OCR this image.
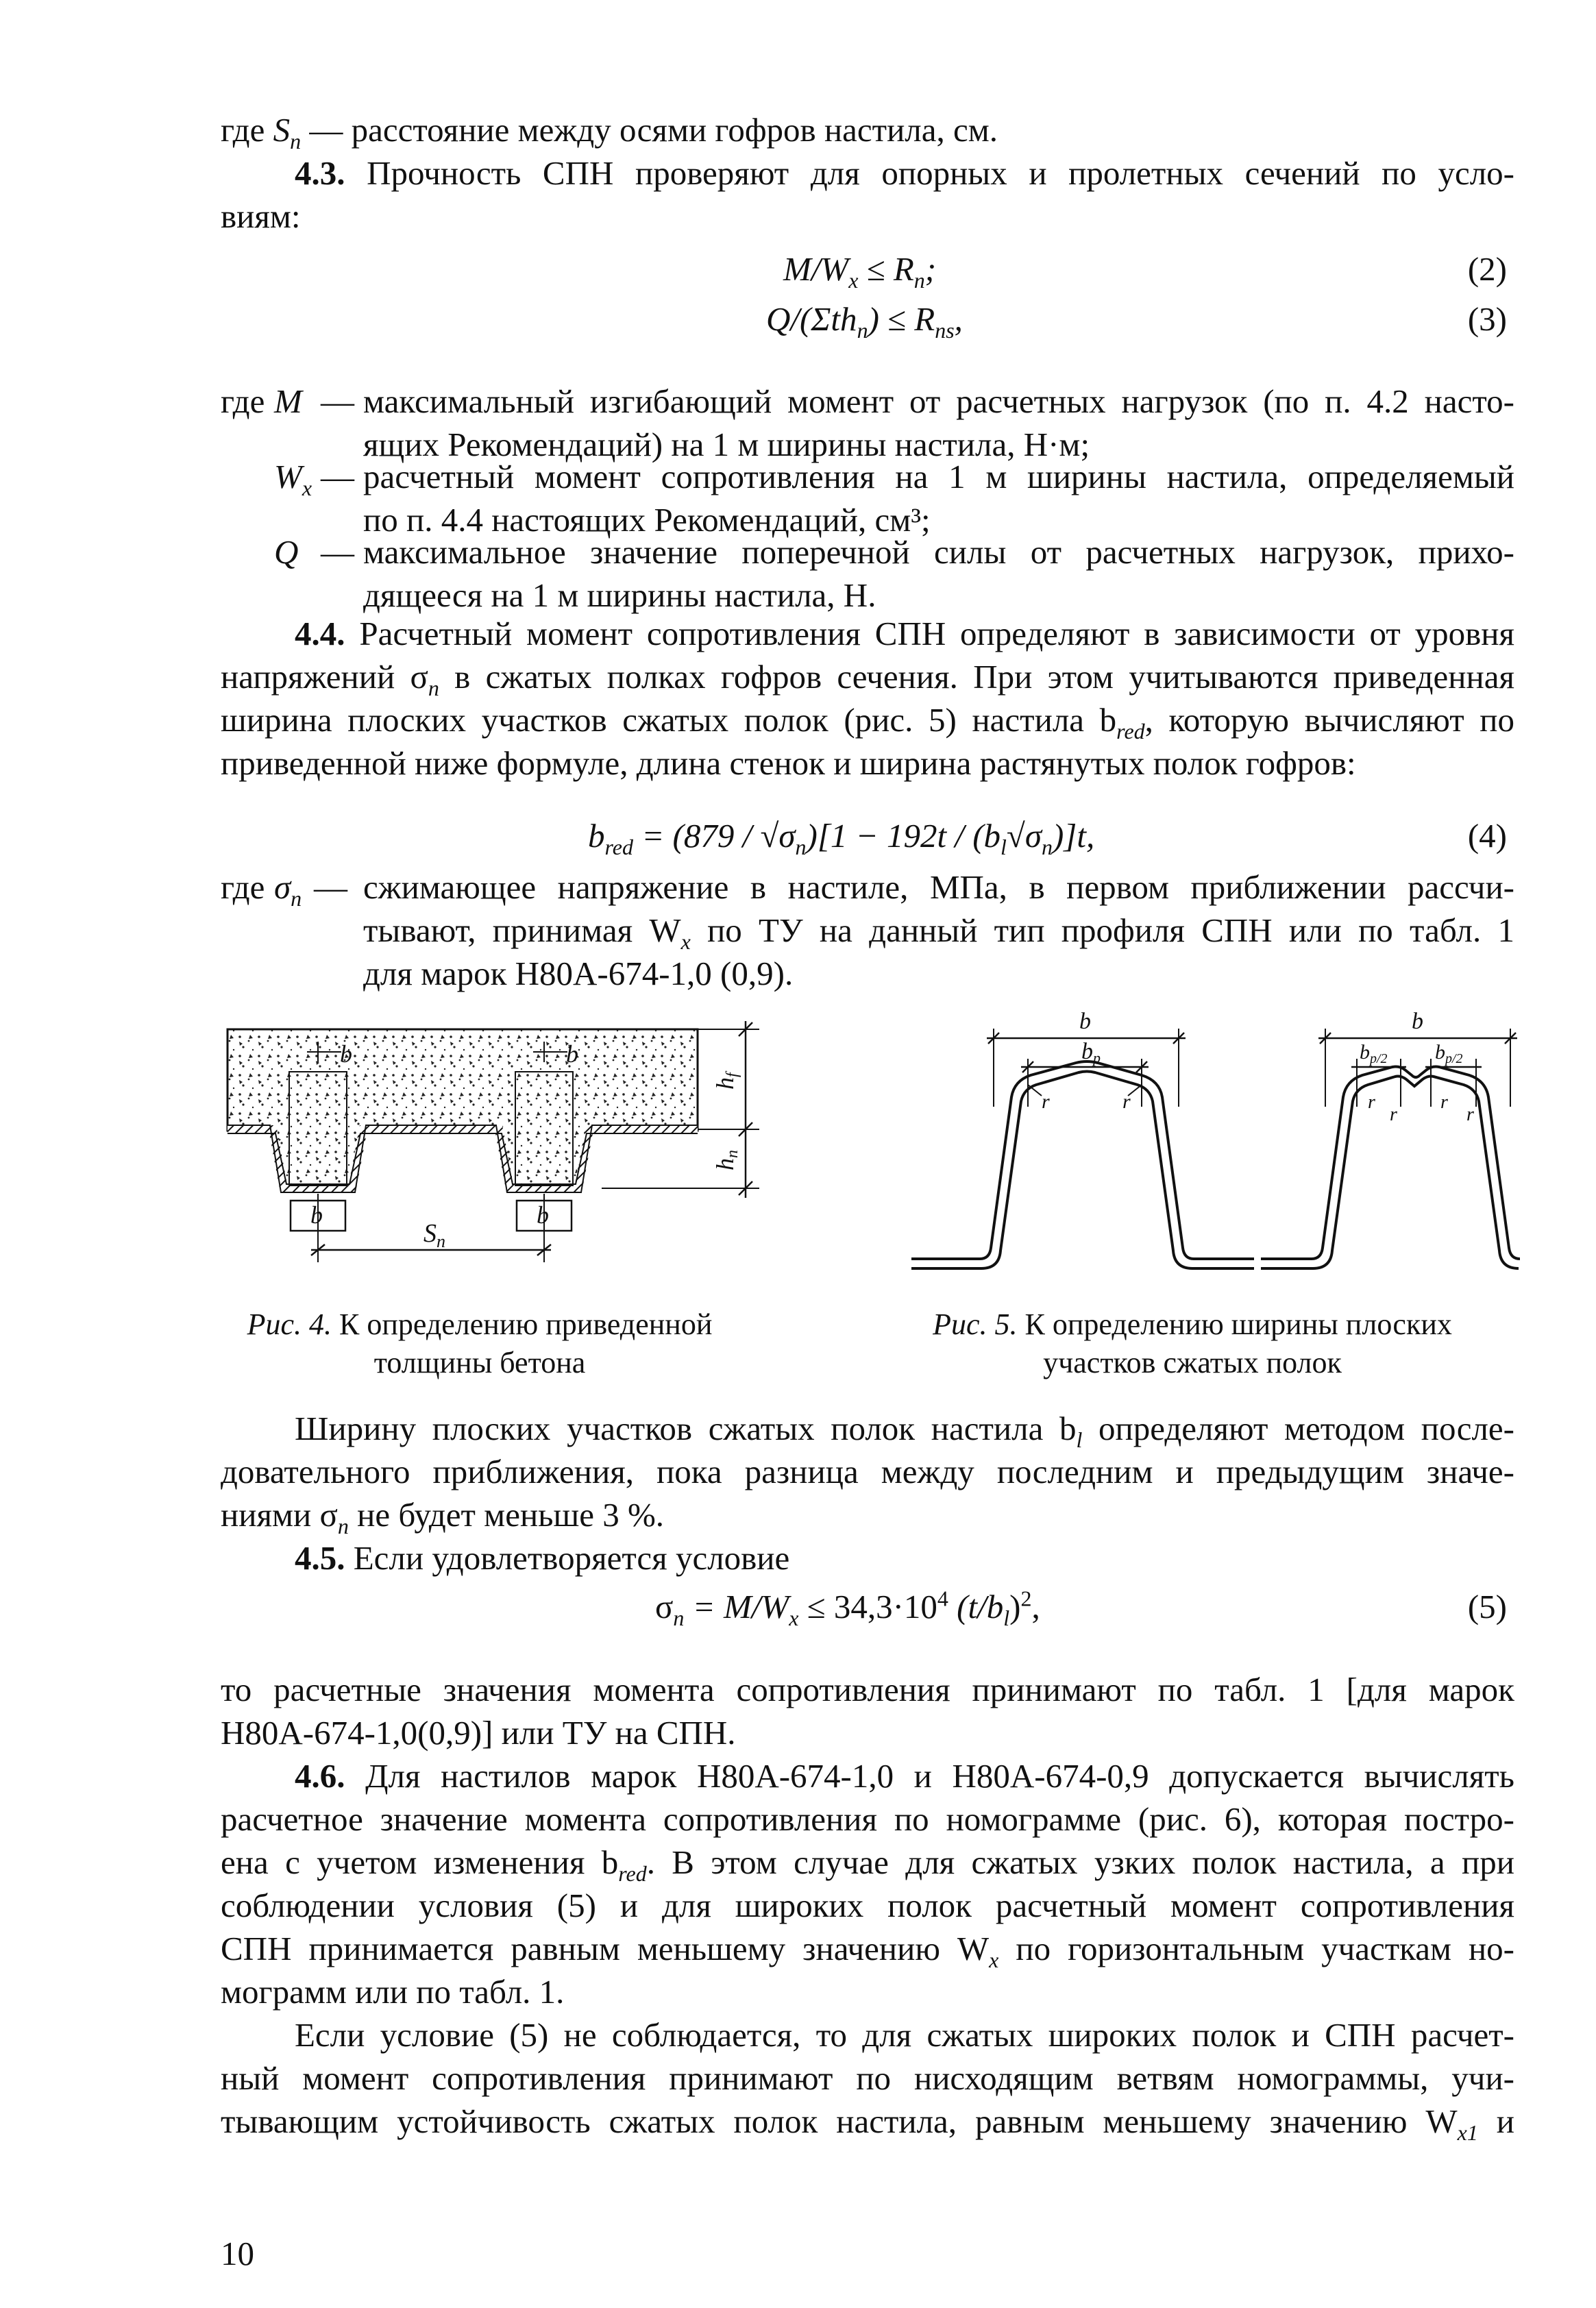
где $S_n$ — расстояние между осями гофров настила, см.
4.3. Прочность СПН проверяют для опорных и пролетных сечений по усло-
виям:
$M/W_x \le R_n$;	(2)
$Q/(\Sigma th_n) \le R_{ns}$,	(3)
где M — максимальный изгибающий момент от расчетных нагрузок (по п. 4.2 насто-
ящих Рекомендаций) на 1 м ширины настила, Н·м;
$W_x$ — расчетный момент сопротивления на 1 м ширины настила, определяемый
по п. 4.4 настоящих Рекомендаций, см³;
Q — максимальное значение поперечной силы от расчетных нагрузок, прихо-
дящееся на 1 м ширины настила, Н.
4.4. Расчетный момент сопротивления СПН определяют в зависимости от уровня
напряжений $\sigma_n$ в сжатых полках гофров сечения. При этом учитываются приведенная
ширина плоских участков сжатых полок (рис. 5) настила $b_{red}$, которую вычисляют по
приведенной ниже формуле, длина стенок и ширина растянутых полок гофров:
$b_{red} = (879 / √\sigma_n)[1 - 192t / (b_l√\sigma_n)]t$,	(4)
где $\sigma_n$ — сжимающее напряжение в настиле, МПа, в первом приближении рассчи-
тывают, принимая $W_x$ по ТУ на данный тип профиля СПН или по табл. 1
для марок Н80А-674-1,0 (0,9).
b	b
b	b
$S_n$
hf
hn
Рис. 4. К определению приведенной
толщины бетона
b
bp
r	r
b
$b_{p/2}$ $b_{p/2}$
r
r
r
r
Рис. 5. К определению ширины плоских
участков сжатых полок
Ширину плоских участков сжатых полок настила $b_l$ определяют методом после-
довательного приближения, пока разница между последним и предыдущим значе-
ниями $\sigma_n$ не будет меньше 3 %.
4.5. Если удовлетворяется условие
$\sigma_n = M/W_x \le 34,3\cdot 10^4$ $(t/b_l)^2$,	(5)
то расчетные значения момента сопротивления принимают по табл. 1 [для марок
Н80А-674-1,0(0,9)] или ТУ на СПН.
4.6. Для настилов марок Н80А-674-1,0 и Н80А-674-0,9 допускается вычислять
расчетное значение момента сопротивления по номограмме (рис. 6), которая постро-
ена с учетом изменения $b_{red}$. В этом случае для сжатых узких полок настила, а при
соблюдении условия (5) и для широких полок расчетный момент сопротивления
СПН принимается равным меньшему значению $W_x$ по горизонтальным участкам но-
мограмм или по табл. 1.
Если условие (5) не соблюдается, то для сжатых широких полок и СПН расчет-
ный момент сопротивления принимают по нисходящим ветвям номограммы, учи-
тывающим устойчивость сжатых полок настила, равным меньшему значению $W_{x1}$ и
10
